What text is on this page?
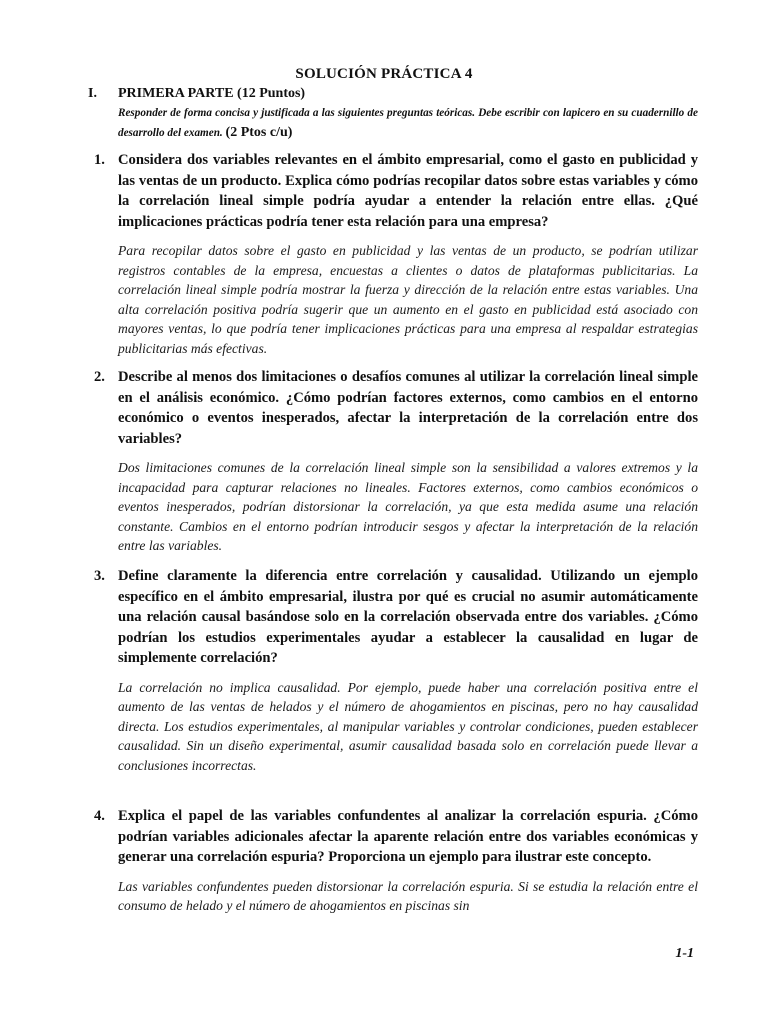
SOLUCIÓN PRÁCTICA 4
I. PRIMERA PARTE (12 Puntos)
Responder de forma concisa y justificada a las siguientes preguntas teóricas. Debe escribir con lapicero en su cuadernillo de desarrollo del examen. (2 Ptos c/u)
1. Considera dos variables relevantes en el ámbito empresarial, como el gasto en publicidad y las ventas de un producto. Explica cómo podrías recopilar datos sobre estas variables y cómo la correlación lineal simple podría ayudar a entender la relación entre ellas. ¿Qué implicaciones prácticas podría tener esta relación para una empresa?
Para recopilar datos sobre el gasto en publicidad y las ventas de un producto, se podrían utilizar registros contables de la empresa, encuestas a clientes o datos de plataformas publicitarias. La correlación lineal simple podría mostrar la fuerza y dirección de la relación entre estas variables. Una alta correlación positiva podría sugerir que un aumento en el gasto en publicidad está asociado con mayores ventas, lo que podría tener implicaciones prácticas para una empresa al respaldar estrategias publicitarias más efectivas.
2. Describe al menos dos limitaciones o desafíos comunes al utilizar la correlación lineal simple en el análisis económico. ¿Cómo podrían factores externos, como cambios en el entorno económico o eventos inesperados, afectar la interpretación de la correlación entre dos variables?
Dos limitaciones comunes de la correlación lineal simple son la sensibilidad a valores extremos y la incapacidad para capturar relaciones no lineales. Factores externos, como cambios económicos o eventos inesperados, podrían distorsionar la correlación, ya que esta medida asume una relación constante. Cambios en el entorno podrían introducir sesgos y afectar la interpretación de la relación entre las variables.
3. Define claramente la diferencia entre correlación y causalidad. Utilizando un ejemplo específico en el ámbito empresarial, ilustra por qué es crucial no asumir automáticamente una relación causal basándose solo en la correlación observada entre dos variables. ¿Cómo podrían los estudios experimentales ayudar a establecer la causalidad en lugar de simplemente correlación?
La correlación no implica causalidad. Por ejemplo, puede haber una correlación positiva entre el aumento de las ventas de helados y el número de ahogamientos en piscinas, pero no hay causalidad directa. Los estudios experimentales, al manipular variables y controlar condiciones, pueden establecer causalidad. Sin un diseño experimental, asumir causalidad basada solo en correlación puede llevar a conclusiones incorrectas.
4. Explica el papel de las variables confundentes al analizar la correlación espuria. ¿Cómo podrían variables adicionales afectar la aparente relación entre dos variables económicas y generar una correlación espuria? Proporciona un ejemplo para ilustrar este concepto.
Las variables confundentes pueden distorsionar la correlación espuria. Si se estudia la relación entre el consumo de helado y el número de ahogamientos en piscinas sin
1-1
